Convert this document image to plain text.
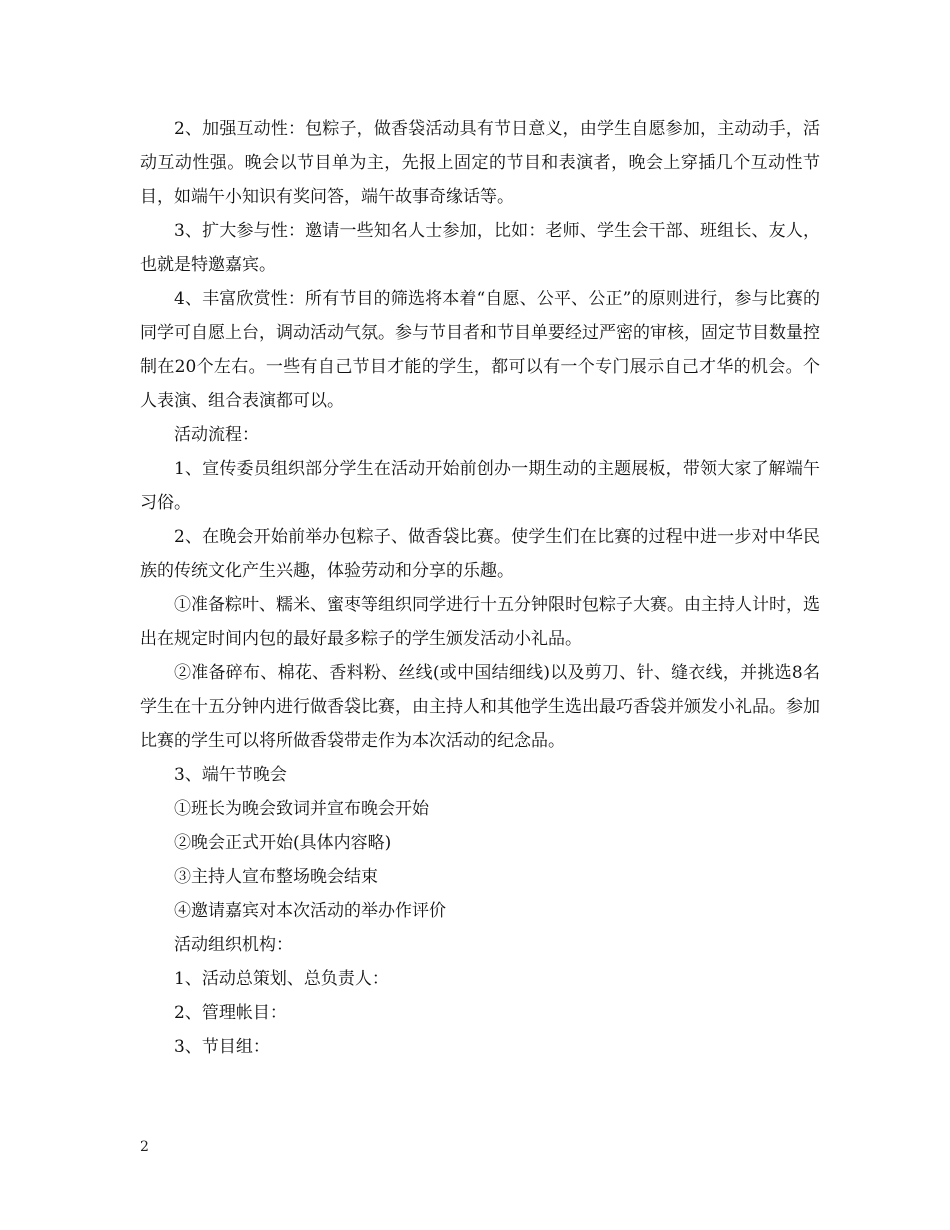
2、加强互动性：包粽子，做香袋活动具有节日意义，由学生自愿参加，主动动手，活动互动性强。晚会以节目单为主，先报上固定的节目和表演者，晚会上穿插几个互动性节目，如端午小知识有奖问答，端午故事奇缘话等。

3、扩大参与性：邀请一些知名人士参加，比如：老师、学生会干部、班组长、友人，也就是特邀嘉宾。

4、丰富欣赏性：所有节目的筛选将本着“自愿、公平、公正”的原则进行，参与比赛的同学可自愿上台，调动活动气氛。参与节目者和节目单要经过严密的审核，固定节目数量控制在20个左右。一些有自己节目才能的学生，都可以有一个专门展示自己才华的机会。个人表演、组合表演都可以。

活动流程：

1、宣传委员组织部分学生在活动开始前创办一期生动的主题展板，带领大家了解端午习俗。

2、在晚会开始前举办包粽子、做香袋比赛。使学生们在比赛的过程中进一步对中华民族的传统文化产生兴趣，体验劳动和分享的乐趣。

①准备粽叶、糯米、蜜枣等组织同学进行十五分钟限时包粽子大赛。由主持人计时，选出在规定时间内包的最好最多粽子的学生颁发活动小礼品。

②准备碎布、棉花、香料粉、丝线(或中国结细线)以及剪刀、针、缝衣线，并挑选8名学生在十五分钟内进行做香袋比赛，由主持人和其他学生选出最巧香袋并颁发小礼品。参加比赛的学生可以将所做香袋带走作为本次活动的纪念品。

3、端午节晚会

①班长为晚会致词并宣布晚会开始

②晚会正式开始(具体内容略)

③主持人宣布整场晚会结束

④邀请嘉宾对本次活动的举办作评价

活动组织机构：

1、活动总策划、总负责人：

2、管理帐目：

3、节目组：

2
